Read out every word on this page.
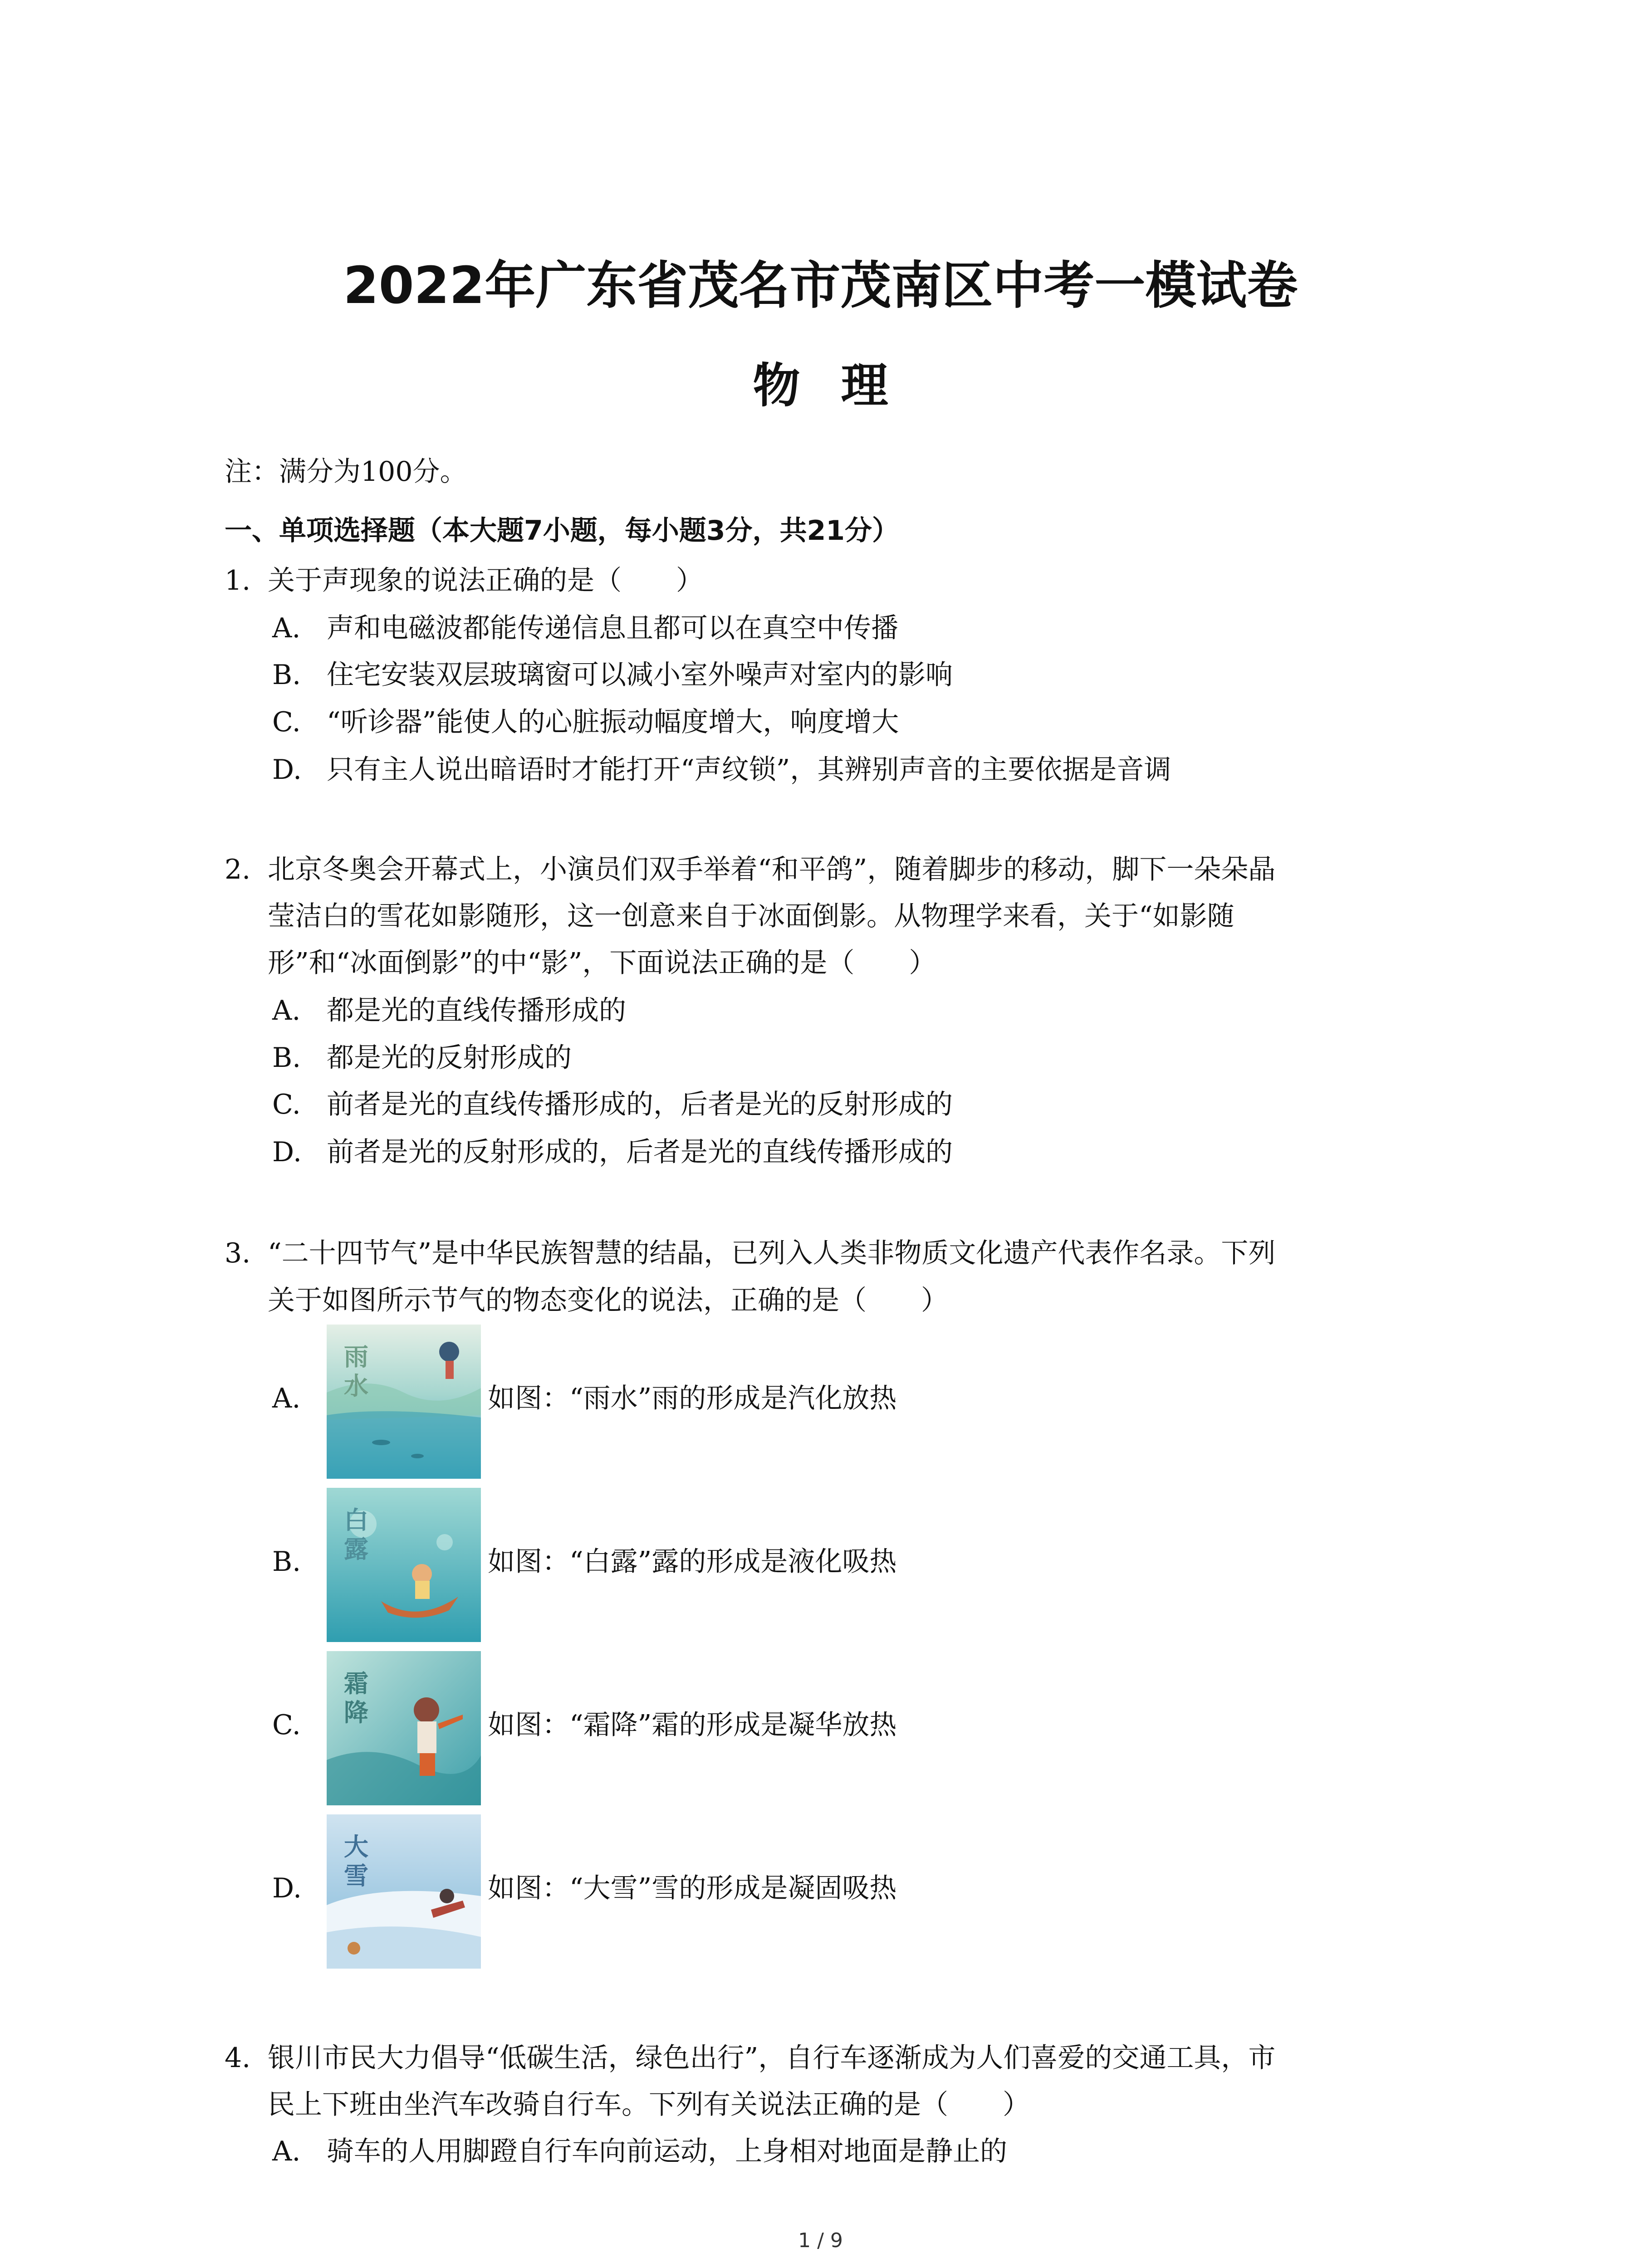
2022年广东省茂名市茂南区中考一模试卷
物理
注：满分为100分。
一、单项选择题（本大题7小题，每小题3分，共21分）
1. 关于声现象的说法正确的是（　　）
A. 声和电磁波都能传递信息且都可以在真空中传播
B. 住宅安装双层玻璃窗可以减小室外噪声对室内的影响
C. “听诊器”能使人的心脏振动幅度增大，响度增大
D. 只有主人说出暗语时才能打开“声纹锁”，其辨别声音的主要依据是音调
2. 北京冬奥会开幕式上，小演员们双手举着“和平鸽”，随着脚步的移动，脚下一朵朵晶
莹洁白的雪花如影随形，这一创意来自于冰面倒影。从物理学来看，关于“如影随
形”和“冰面倒影”的中“影”，下面说法正确的是（　　）
A. 都是光的直线传播形成的
B. 都是光的反射形成的
C. 前者是光的直线传播形成的，后者是光的反射形成的
D. 前者是光的反射形成的，后者是光的直线传播形成的
3. “二十四节气”是中华民族智慧的结晶，已列入人类非物质文化遗产代表作名录。下列
关于如图所示节气的物态变化的说法，正确的是（　　）
A.
雨水	如图：“雨水”雨的形成是汽化放热
B.
白露	如图：“白露”露的形成是液化吸热
C.
霜降	如图：“霜降”霜的形成是凝华放热
D.
大雪	如图：“大雪”雪的形成是凝固吸热
4. 银川市民大力倡导“低碳生活，绿色出行”，自行车逐渐成为人们喜爱的交通工具，市
民上下班由坐汽车改骑自行车。下列有关说法正确的是（　　）
A. 骑车的人用脚蹬自行车向前运动，上身相对地面是静止的
1 / 9
